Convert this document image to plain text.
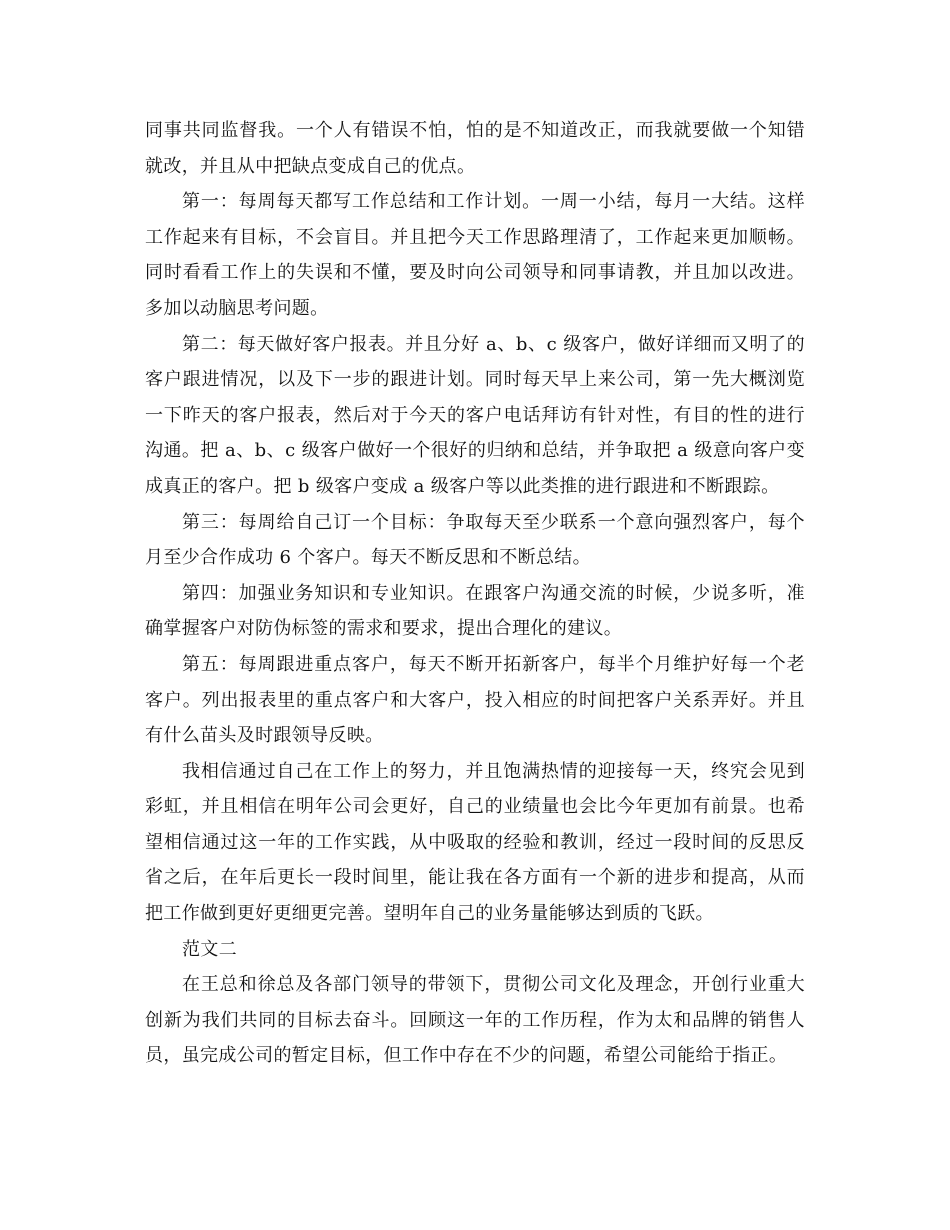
同事共同监督我。一个人有错误不怕，怕的是不知道改正，而我就要做一个知错就改，并且从中把缺点变成自己的优点。

第一：每周每天都写工作总结和工作计划。一周一小结，每月一大结。这样工作起来有目标，不会盲目。并且把今天工作思路理清了，工作起来更加顺畅。同时看看工作上的失误和不懂，要及时向公司领导和同事请教，并且加以改进。多加以动脑思考问题。

第二：每天做好客户报表。并且分好 a、b、c 级客户，做好详细而又明了的客户跟进情况，以及下一步的跟进计划。同时每天早上来公司，第一先大概浏览一下昨天的客户报表，然后对于今天的客户电话拜访有针对性，有目的性的进行沟通。把 a、b、c 级客户做好一个很好的归纳和总结，并争取把 a 级意向客户变成真正的客户。把 b 级客户变成 a 级客户等以此类推的进行跟进和不断跟踪。

第三：每周给自己订一个目标：争取每天至少联系一个意向强烈客户，每个月至少合作成功 6 个客户。每天不断反思和不断总结。

第四：加强业务知识和专业知识。在跟客户沟通交流的时候，少说多听，准确掌握客户对防伪标签的需求和要求，提出合理化的建议。

第五：每周跟进重点客户，每天不断开拓新客户，每半个月维护好每一个老客户。列出报表里的重点客户和大客户，投入相应的时间把客户关系弄好。并且有什么苗头及时跟领导反映。

我相信通过自己在工作上的努力，并且饱满热情的迎接每一天，终究会见到彩虹，并且相信在明年公司会更好，自己的业绩量也会比今年更加有前景。也希望相信通过这一年的工作实践，从中吸取的经验和教训，经过一段时间的反思反省之后，在年后更长一段时间里，能让我在各方面有一个新的进步和提高，从而把工作做到更好更细更完善。望明年自己的业务量能够达到质的飞跃。

范文二

在王总和徐总及各部门领导的带领下，贯彻公司文化及理念，开创行业重大创新为我们共同的目标去奋斗。回顾这一年的工作历程，作为太和品牌的销售人员，虽完成公司的暂定目标，但工作中存在不少的问题，希望公司能给于指正。
